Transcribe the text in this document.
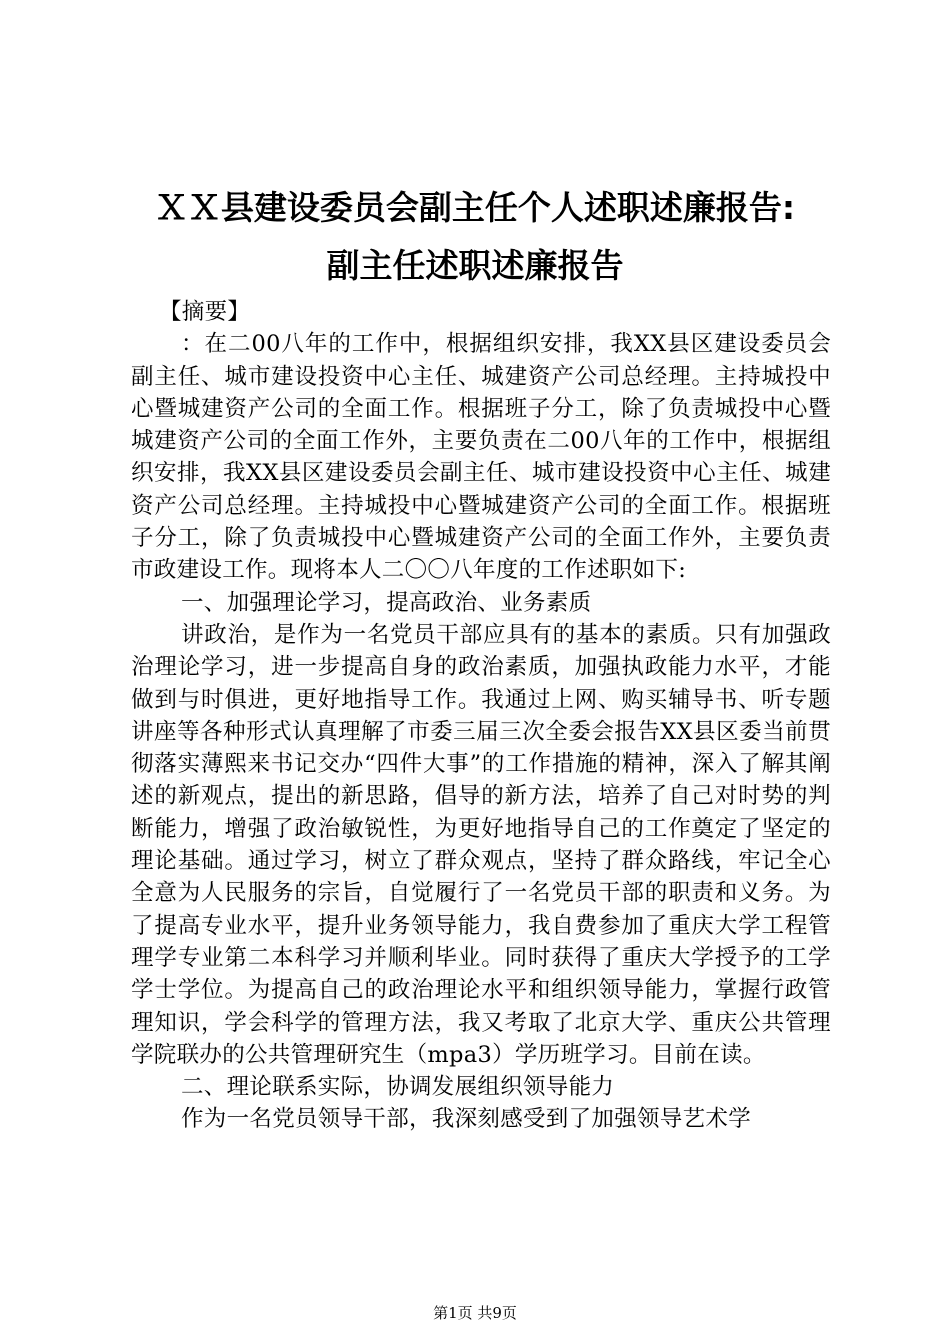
ＸＸ县建设委员会副主任个人述职述廉报告:
副主任述职述廉报告

【摘要】

：在二00八年的工作中，根据组织安排，我XX县区建设委员会副主任、城市建设投资中心主任、城建资产公司总经理。主持城投中心暨城建资产公司的全面工作。根据班子分工，除了负责城投中心暨城建资产公司的全面工作外，主要负责在二00八年的工作中，根据组织安排，我XX县区建设委员会副主任、城市建设投资中心主任、城建资产公司总经理。主持城投中心暨城建资产公司的全面工作。根据班子分工，除了负责城投中心暨城建资产公司的全面工作外，主要负责市政建设工作。现将本人二〇〇八年度的工作述职如下:

一、加强理论学习，提高政治、业务素质

讲政治，是作为一名党员干部应具有的基本的素质。只有加强政治理论学习，进一步提高自身的政治素质，加强执政能力水平，才能做到与时俱进，更好地指导工作。我通过上网、购买辅导书、听专题讲座等各种形式认真理解了市委三届三次全委会报告XX县区委当前贯彻落实薄熙来书记交办“四件大事”的工作措施的精神，深入了解其阐述的新观点，提出的新思路，倡导的新方法，培养了自己对时势的判断能力，增强了政治敏锐性，为更好地指导自己的工作奠定了坚定的理论基础。通过学习，树立了群众观点，坚持了群众路线，牢记全心全意为人民服务的宗旨，自觉履行了一名党员干部的职责和义务。为了提高专业水平，提升业务领导能力，我自费参加了重庆大学工程管理学专业第二本科学习并顺利毕业。同时获得了重庆大学授予的工学学士学位。为提高自己的政治理论水平和组织领导能力，掌握行政管理知识，学会科学的管理方法，我又考取了北京大学、重庆公共管理学院联办的公共管理研究生（mpa3）学历班学习。目前在读。

二、理论联系实际，协调发展组织领导能力

作为一名党员领导干部，我深刻感受到了加强领导艺术学

第1页 共9页
